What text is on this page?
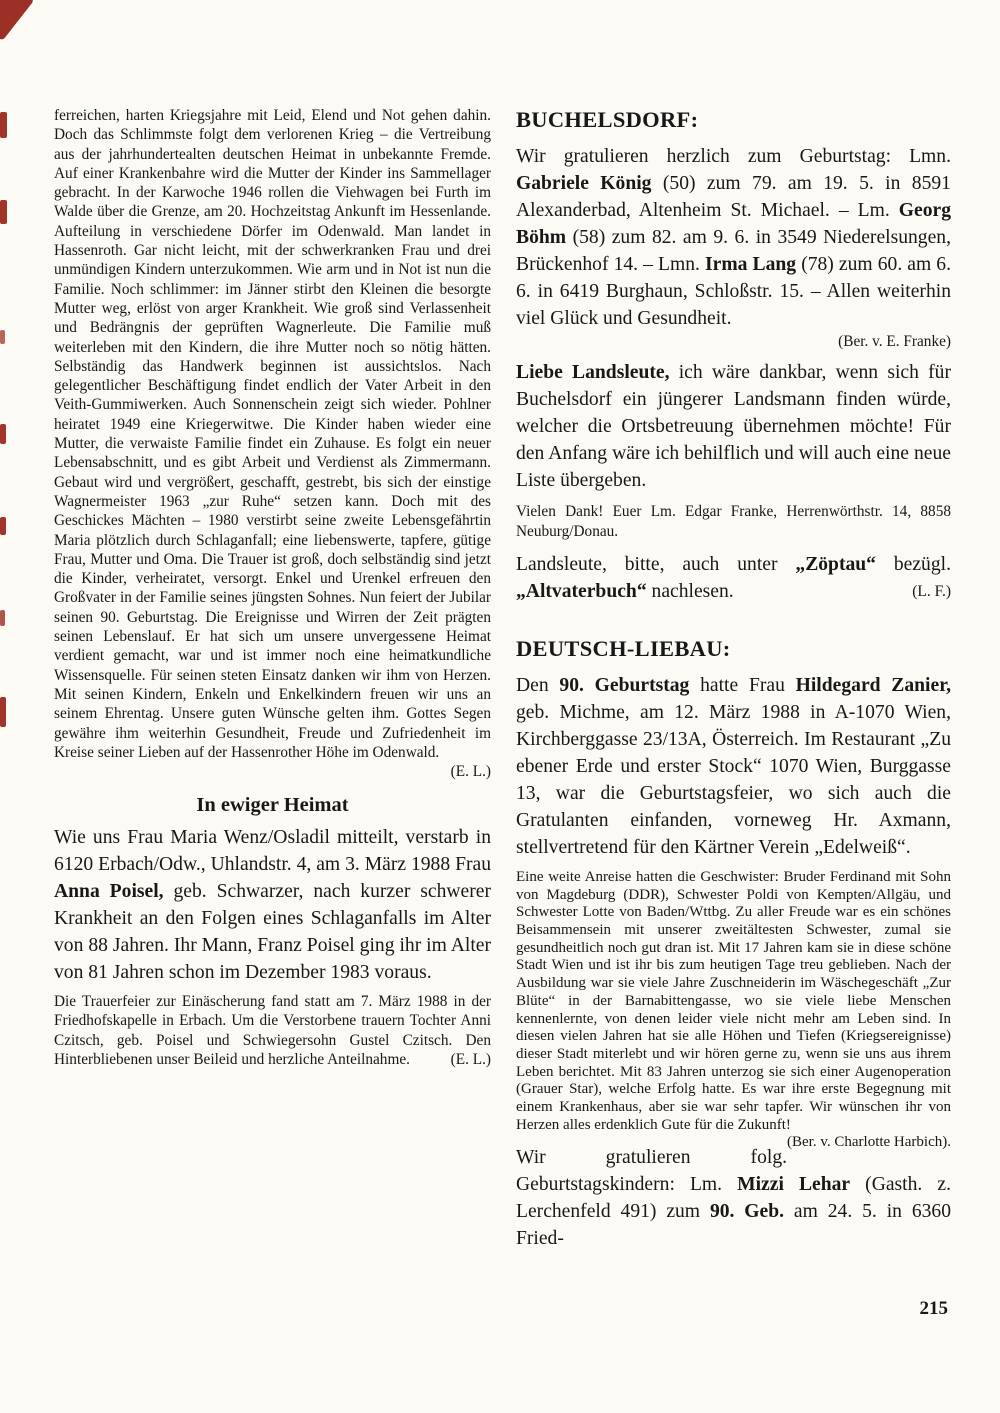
ferreichen, harten Kriegsjahre mit Leid, Elend und Not gehen dahin. Doch das Schlimmste folgt dem verlorenen Krieg – die Vertreibung aus der jahrhundertealten deutschen Heimat in unbekannte Fremde. Auf einer Krankenbahre wird die Mutter der Kinder ins Sammellager gebracht. In der Karwoche 1946 rollen die Viehwagen bei Furth im Walde über die Grenze, am 20. Hochzeitstag Ankunft im Hessenlande. Aufteilung in verschiedene Dörfer im Odenwald. Man landet in Hassenroth. Gar nicht leicht, mit der schwerkranken Frau und drei unmündigen Kindern unterzukommen. Wie arm und in Not ist nun die Familie. Noch schlimmer: im Jänner stirbt den Kleinen die besorgte Mutter weg, erlöst von arger Krankheit. Wie groß sind Verlassenheit und Bedrängnis der geprüften Wagnerleute. Die Familie muß weiterleben mit den Kindern, die ihre Mutter noch so nötig hätten. Selbständig das Handwerk beginnen ist aussichtslos. Nach gelegentlicher Beschäftigung findet endlich der Vater Arbeit in den Veith-Gummiwerken. Auch Sonnenschein zeigt sich wieder. Pohlner heiratet 1949 eine Kriegerwitwe. Die Kinder haben wieder eine Mutter, die verwaiste Familie findet ein Zuhause. Es folgt ein neuer Lebensabschnitt, und es gibt Arbeit und Verdienst als Zimmermann. Gebaut wird und vergrößert, geschafft, gestrebt, bis sich der einstige Wagnermeister 1963 „zur Ruhe“ setzen kann. Doch mit des Geschickes Mächten – 1980 verstirbt seine zweite Lebensgefährtin Maria plötzlich durch Schlaganfall; eine liebenswerte, tapfere, gütige Frau, Mutter und Oma. Die Trauer ist groß, doch selbständig sind jetzt die Kinder, verheiratet, versorgt. Enkel und Urenkel erfreuen den Großvater in der Familie seines jüngsten Sohnes. Nun feiert der Jubilar seinen 90. Geburtstag. Die Ereignisse und Wirren der Zeit prägten seinen Lebenslauf. Er hat sich um unsere unvergessene Heimat verdient gemacht, war und ist immer noch eine heimatkundliche Wissensquelle. Für seinen steten Einsatz danken wir ihm von Herzen. Mit seinen Kindern, Enkeln und Enkelkindern freuen wir uns an seinem Ehrentag. Unsere guten Wünsche gelten ihm. Gottes Segen gewähre ihm weiterhin Gesundheit, Freude und Zufriedenheit im Kreise seiner Lieben auf der Hassenrother Höhe im Odenwald.

(E. L.)
In ewiger Heimat

Wie uns Frau Maria Wenz/Osladil mitteilt, verstarb in 6120 Erbach/Odw., Uhlandstr. 4, am 3. März 1988 Frau Anna Poisel, geb. Schwarzer, nach kurzer schwerer Krankheit an den Folgen eines Schlaganfalls im Alter von 88 Jahren. Ihr Mann, Franz Poisel ging ihr im Alter von 81 Jahren schon im Dezember 1983 voraus.

Die Trauerfeier zur Einäscherung fand statt am 7. März 1988 in der Friedhofskapelle in Erbach. Um die Verstorbene trauern Tochter Anni Czitsch, geb. Poisel und Schwiegersohn Gustel Czitsch. Den Hinterbliebenen unser Beileid und herzliche Anteilnahme.	(E. L.)

BUCHELSDORF:

Wir gratulieren herzlich zum Geburtstag: Lmn. Gabriele König (50) zum 79. am 19. 5. in 8591 Alexanderbad, Altenheim St. Michael. – Lm. Georg Böhm (58) zum 82. am 9. 6. in 3549 Niederelsungen, Brückenhof 14. – Lmn. Irma Lang (78) zum 60. am 6. 6. in 6419 Burghaun, Schloßstr. 15. – Allen weiterhin viel Glück und Gesundheit.

(Ber. v. E. Franke)

Liebe Landsleute, ich wäre dankbar, wenn sich für Buchelsdorf ein jüngerer Landsmann finden würde, welcher die Ortsbetreuung übernehmen möchte! Für den Anfang wäre ich behilflich und will auch eine neue Liste übergeben.

Vielen Dank! Euer Lm. Edgar Franke, Herrenwörthstr. 14, 8858 Neuburg/Donau.

Landsleute, bitte, auch unter „Zöptau“ bezügl. „Altvaterbuch“ nachlesen.	(L. F.)

DEUTSCH-LIEBAU:

Den 90. Geburtstag hatte Frau Hildegard Zanier, geb. Michme, am 12. März 1988 in A-1070 Wien, Kirchberggasse 23/13A, Österreich. Im Restaurant „Zu ebener Erde und erster Stock“ 1070 Wien, Burggasse 13, war die Geburtstagsfeier, wo sich auch die Gratulanten einfanden, vorneweg Hr. Axmann, stellvertretend für den Kärtner Verein „Edelweiß“.

Eine weite Anreise hatten die Geschwister: Bruder Ferdinand mit Sohn von Magdeburg (DDR), Schwester Poldi von Kempten/Allgäu, und Schwester Lotte von Baden/Wttbg. Zu aller Freude war es ein schönes Beisammensein mit unserer zweitältesten Schwester, zumal sie gesundheitlich noch gut dran ist. Mit 17 Jahren kam sie in diese schöne Stadt Wien und ist ihr bis zum heutigen Tage treu geblieben. Nach der Ausbildung war sie viele Jahre Zuschneiderin im Wäschegeschäft „Zur Blüte“ in der Barnabittengasse, wo sie viele liebe Menschen kennenlernte, von denen leider viele nicht mehr am Leben sind. In diesen vielen Jahren hat sie alle Höhen und Tiefen (Kriegsereignisse) dieser Stadt miterlebt und wir hören gerne zu, wenn sie uns aus ihrem Leben berichtet. Mit 83 Jahren unterzog sie sich einer Augenoperation (Grauer Star), welche Erfolg hatte. Es war ihre erste Begegnung mit einem Krankenhaus, aber sie war sehr tapfer. Wir wünschen ihr von Herzen alles erdenklich Gute für die Zukunft!
(Ber. v. Charlotte Harbich).

Wir gratulieren folg. Geburtstagskindern: Lm. Mizzi Lehar (Gasth. z. Lerchenfeld 491) zum 90. Geb. am 24. 5. in 6360 Fried-

215
